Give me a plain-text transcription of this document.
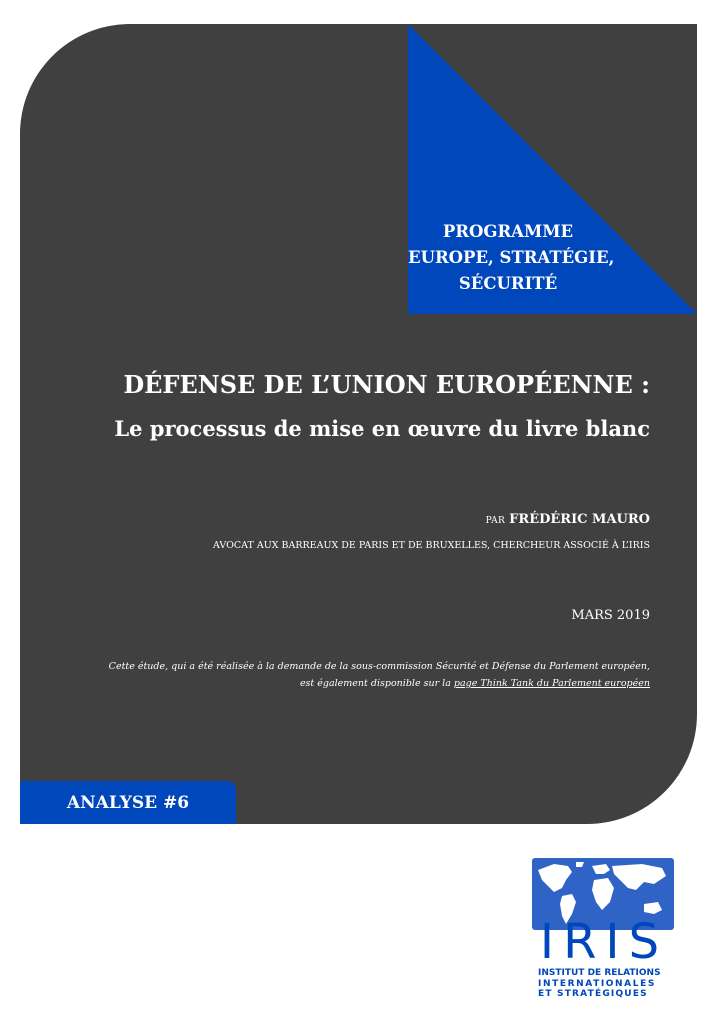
PROGRAMME
EUROPE, STRATÉGIE,
SÉCURITÉ
DÉFENSE DE L’UNION EUROPÉENNE :
Le processus de mise en œuvre du livre blanc
PAR FRÉDÉRIC MAURO
AVOCAT AUX BARREAUX DE PARIS ET DE BRUXELLES, CHERCHEUR ASSOCIÉ À L’IRIS
MARS 2019
Cette étude, qui a été réalisée à la demande de la sous-commission Sécurité et Défense du Parlement européen,
est également disponible sur la page Think Tank du Parlement européen
ANALYSE #6
IRIS
INSTITUT DE RELATIONS
INTERNATIONALES
ET STRATÉGIQUES
